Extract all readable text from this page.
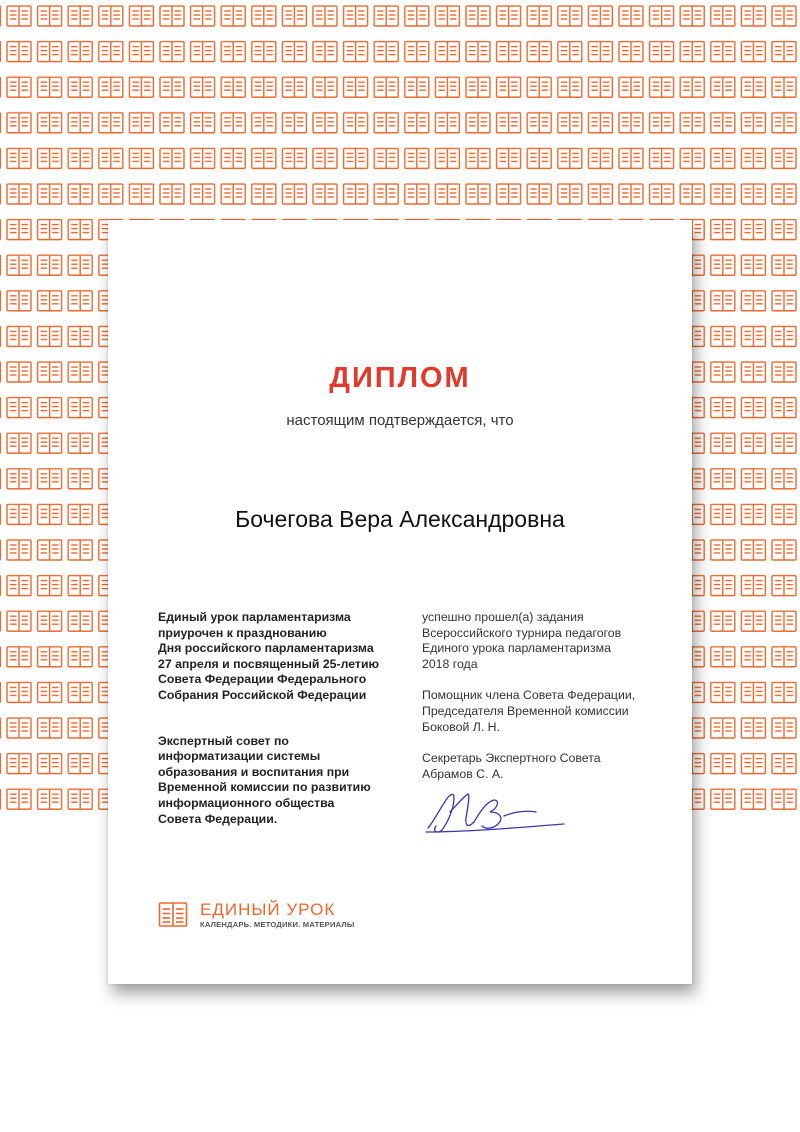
ДИПЛОМ
настоящим подтверждается, что
Бочегова Вера Александровна

Единый урок парламентаризма

приурочен к празднованию

Дня российского парламентаризма

27 апреля и посвященный 25-летию

Совета Федерации Федерального

Собрания Российской Федерации

Экспертный совет по

информатизации системы

образования и воспитания при

Временной комиссии по развитию

информационного общества

Совета Федерации.

успешно прошел(а) задания

Всероссийского турнира педагогов

Единого урока парламентаризма

2018 года

Помощник члена Совета Федерации,

Председателя Временной комиссии

Боковой Л. Н.

Секретарь Экспертного Совета

Абрамов С. А.

ЕДИНЫЙ УРОК
КАЛЕНДАРЬ. МЕТОДИКИ. МАТЕРИАЛЫ
